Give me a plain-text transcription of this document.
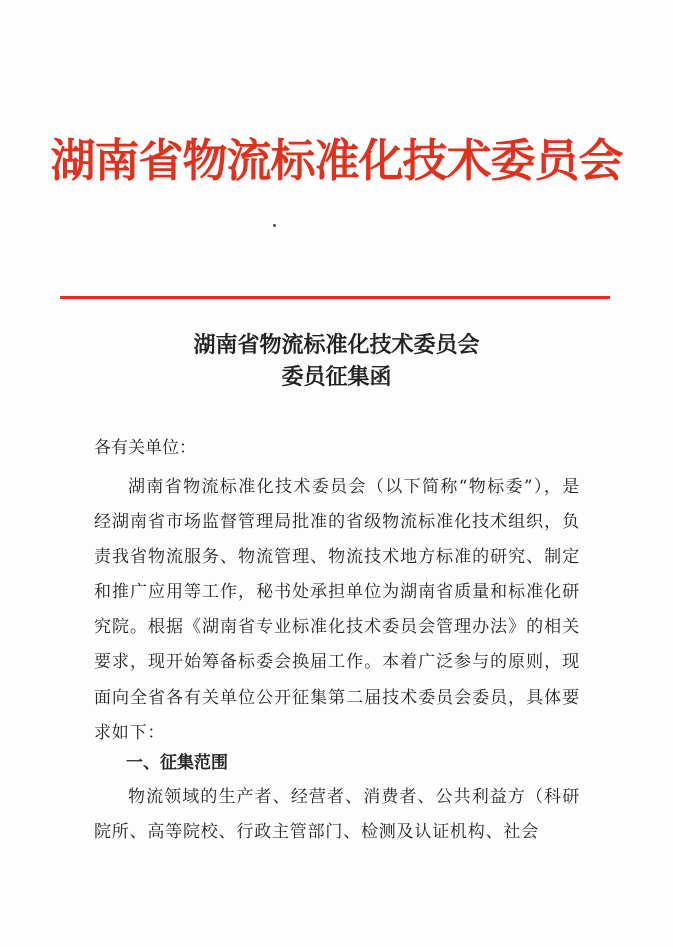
湖南省物流标准化技术委员会
湖南省物流标准化技术委员会
委员征集函
各有关单位：
湖南省物流标准化技术委员会（以下简称“物标委”），是经湖南省市场监督管理局批准的省级物流标准化技术组织，负责我省物流服务、物流管理、物流技术地方标准的研究、制定和推广应用等工作，秘书处承担单位为湖南省质量和标准化研究院。根据《湖南省专业标准化技术委员会管理办法》的相关要求，现开始筹备标委会换届工作。本着广泛参与的原则，现面向全省各有关单位公开征集第二届技术委员会委员，具体要求如下：
一、征集范围
物流领域的生产者、经营者、消费者、公共利益方（科研院所、高等院校、行政主管部门、检测及认证机构、社会
